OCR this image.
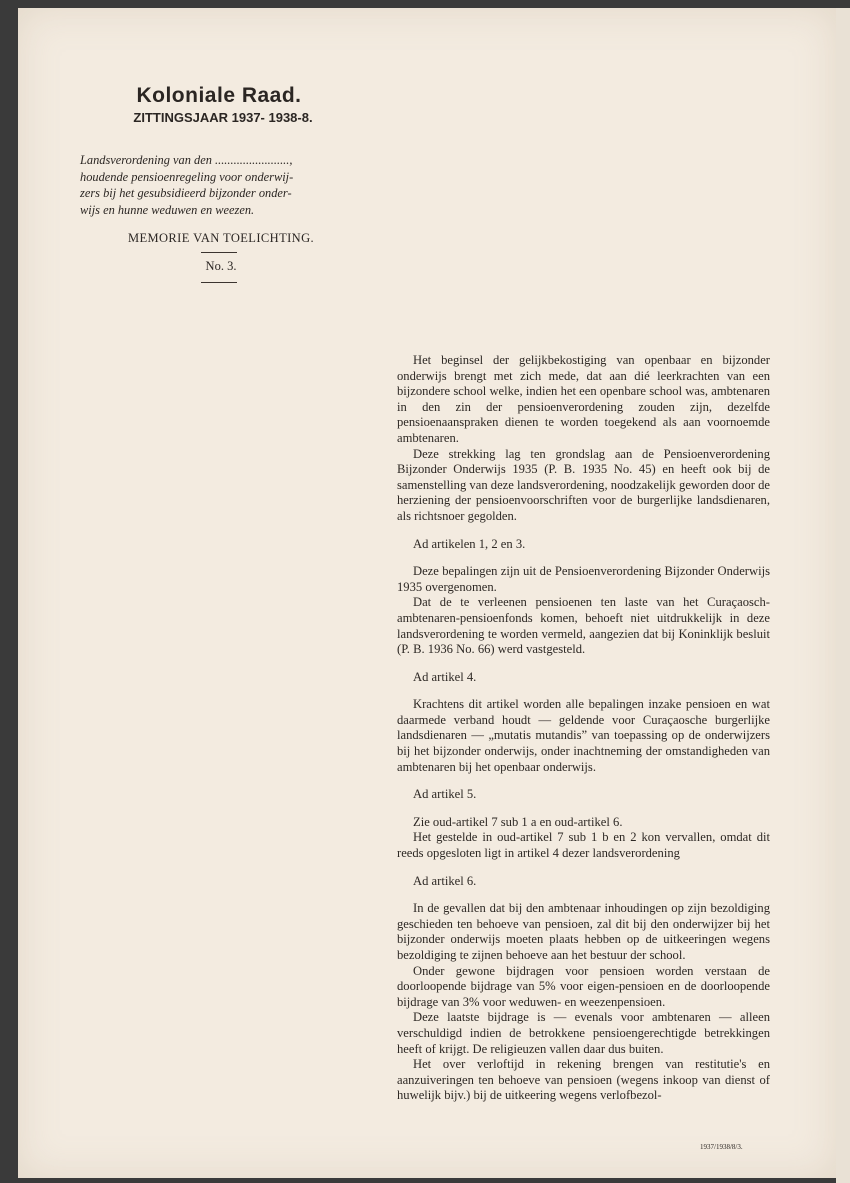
Koloniale Raad.
ZITTINGSJAAR 1937- 1938-8.
Landsverordening van den ........................,
houdende pensioenregeling voor onderwij-
zers bij het gesubsidieerd bijzonder onder-
wijs en hunne weduwen en weezen.
MEMORIE VAN TOELICHTING.
No. 3.

Het beginsel der gelijkbekostiging van openbaar en bijzonder onderwijs brengt met zich mede, dat aan dié leerkrachten van een bijzondere school welke, indien het een openbare school was, ambtenaren in den zin der pensioenverordening zouden zijn, dezelfde pensioenaanspraken dienen te worden toegekend als aan voornoemde ambtenaren.

Deze strekking lag ten grondslag aan de Pensioenverordening Bijzonder Onderwijs 1935 (P. B. 1935 No. 45) en heeft ook bij de samenstelling van deze landsverordening, noodzakelijk geworden door de herziening der pensioenvoorschriften voor de burgerlijke landsdienaren, als richtsnoer gegolden.

Ad artikelen 1, 2 en 3.

Deze bepalingen zijn uit de Pensioenverordening Bijzonder Onderwijs 1935 overgenomen.

Dat de te verleenen pensioenen ten laste van het Curaçaosch-ambtenaren-pensioenfonds komen, behoeft niet uitdrukkelijk in deze landsverordening te worden vermeld, aangezien dat bij Koninklijk besluit (P. B. 1936 No. 66) werd vastgesteld.

Ad artikel 4.

Krachtens dit artikel worden alle bepalingen inzake pensioen en wat daarmede verband houdt — geldende voor Curaçaosche burgerlijke landsdienaren — „mutatis mutandis” van toepassing op de onderwijzers bij het bijzonder onderwijs, onder inachtneming der omstandigheden van ambtenaren bij het openbaar onderwijs.

Ad artikel 5.

Zie oud-artikel 7 sub 1 a en oud-artikel 6.

Het gestelde in oud-artikel 7 sub 1 b en 2 kon vervallen, omdat dit reeds opgesloten ligt in artikel 4 dezer landsverordening

Ad artikel 6.

In de gevallen dat bij den ambtenaar inhoudingen op zijn bezoldiging geschieden ten behoeve van pensioen, zal dit bij den onderwijzer bij het bijzonder onderwijs moeten plaats hebben op de uitkeeringen wegens bezoldiging te zijnen behoeve aan het bestuur der school.

Onder gewone bijdragen voor pensioen worden verstaan de doorloopende bijdrage van 5% voor eigen-pensioen en de doorloopende bijdrage van 3% voor weduwen- en weezenpensioen.

Deze laatste bijdrage is — evenals voor ambtenaren — alleen verschuldigd indien de betrokkene pensioengerechtigde betrekkingen heeft of krijgt. De religieuzen vallen daar dus buiten.

Het over verloftijd in rekening brengen van restitutie's en aanzuiveringen ten behoeve van pensioen (wegens inkoop van dienst of huwelijk bijv.) bij de uitkeering wegens verlofbezol-

1937/1938/8/3.
